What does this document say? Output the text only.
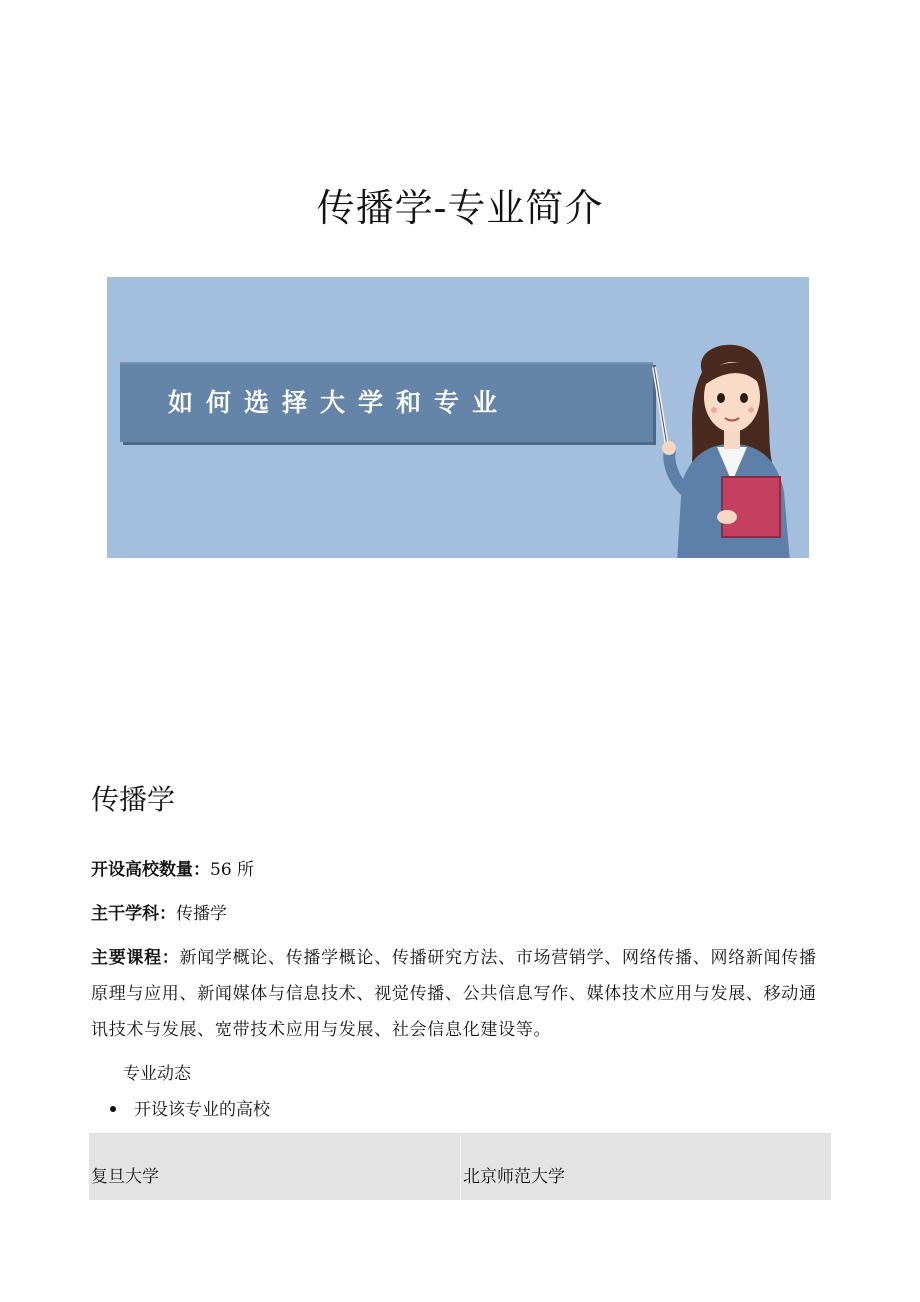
传播学-专业简介
如何选择大学和专业
传播学

开设高校数量：56 所

主干学科：传播学

主要课程：新闻学概论、传播学概论、传播研究方法、市场营销学、网络传播、网络新闻传播原理与应用、新闻媒体与信息技术、视觉传播、公共信息写作、媒体技术应用与发展、移动通讯技术与发展、宽带技术应用与发展、社会信息化建设等。

专业动态

开设该专业的高校

复旦大学	北京师范大学
